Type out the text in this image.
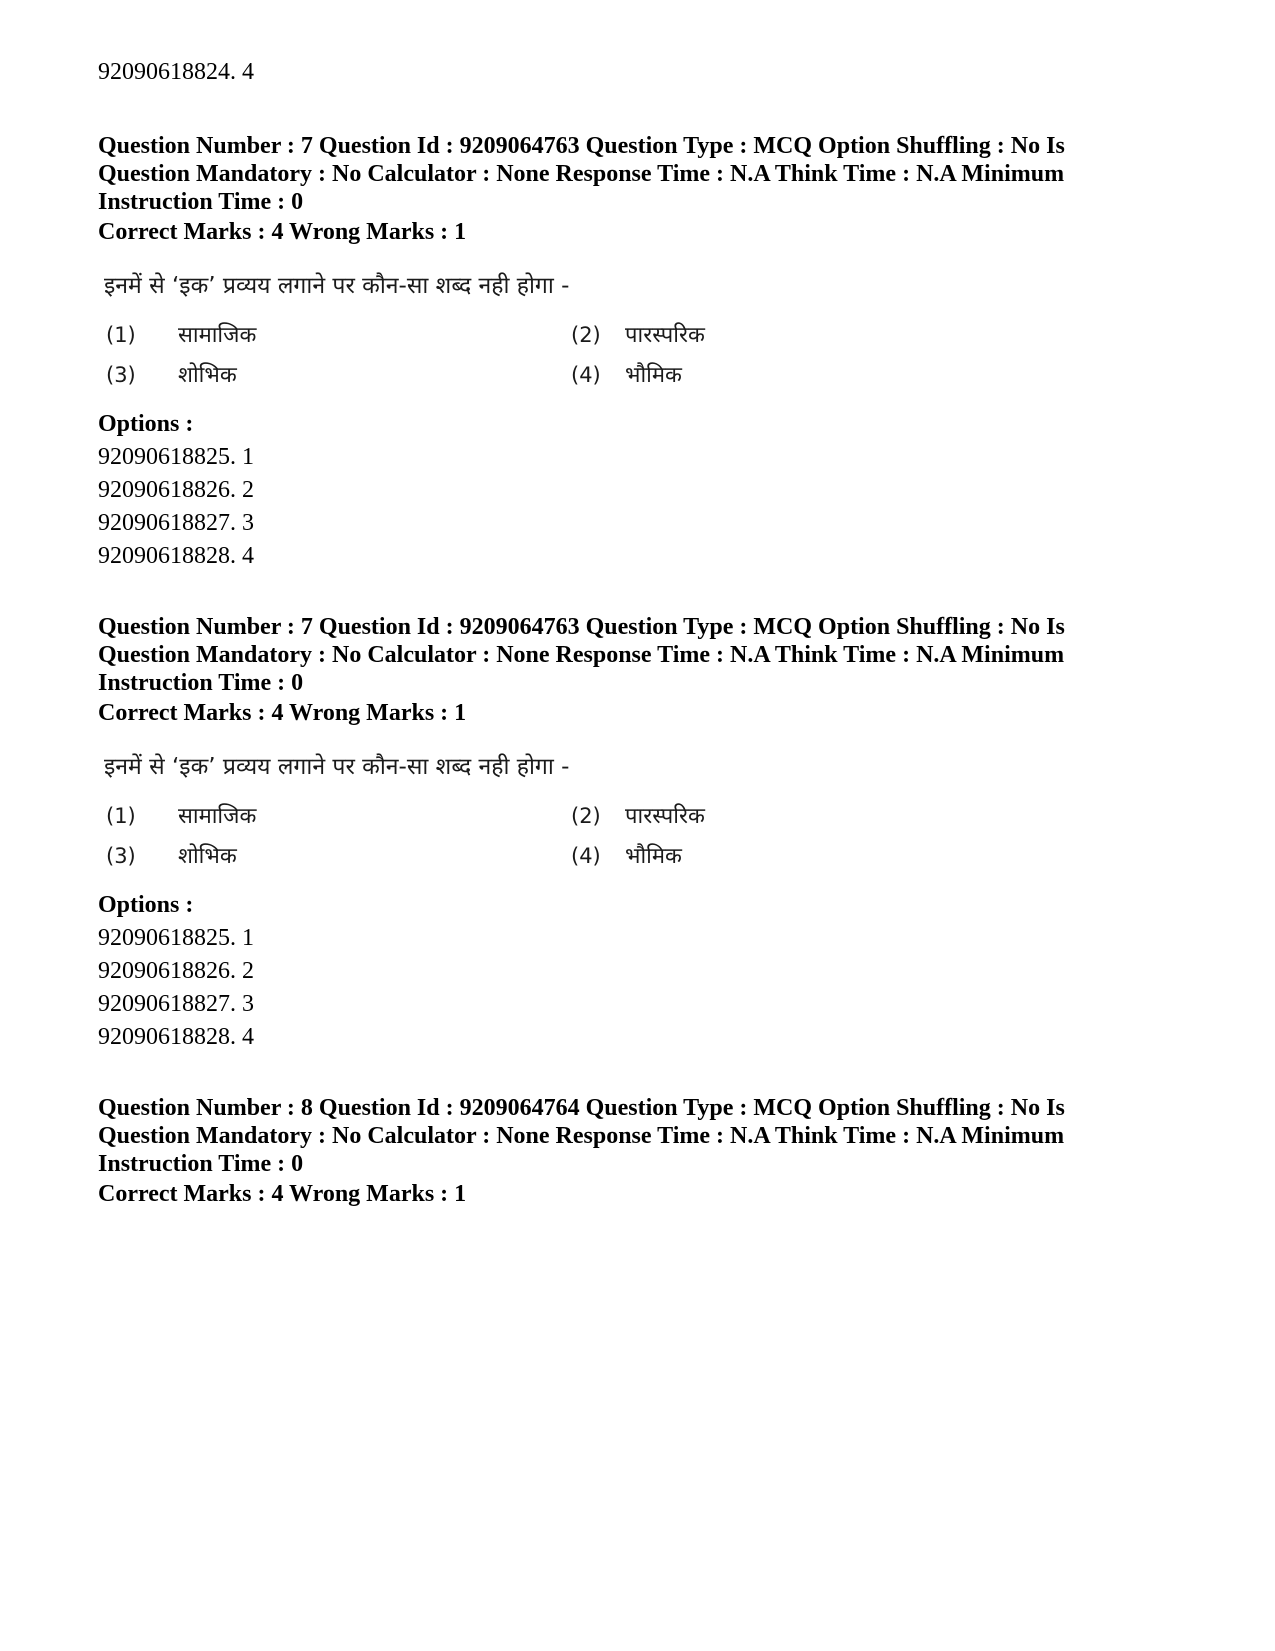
92090618824. 4
Question Number : 7 Question Id : 9209064763 Question Type : MCQ Option Shuffling : No Is
Question Mandatory : No Calculator : None Response Time : N.A Think Time : N.A Minimum
Instruction Time : 0
Correct Marks : 4 Wrong Marks : 1
इनमें से ‘इक’ प्रव्यय लगाने पर कौन-सा शब्द नही होगा -
(1) सामाजिक	(2) पारस्परिक
(3) शोभिक	(4) भौमिक
Options :
92090618825. 1
92090618826. 2
92090618827. 3
92090618828. 4
Question Number : 7 Question Id : 9209064763 Question Type : MCQ Option Shuffling : No Is
Question Mandatory : No Calculator : None Response Time : N.A Think Time : N.A Minimum
Instruction Time : 0
Correct Marks : 4 Wrong Marks : 1
इनमें से ‘इक’ प्रव्यय लगाने पर कौन-सा शब्द नही होगा -
(1) सामाजिक	(2) पारस्परिक
(3) शोभिक	(4) भौमिक
Options :
92090618825. 1
92090618826. 2
92090618827. 3
92090618828. 4
Question Number : 8 Question Id : 9209064764 Question Type : MCQ Option Shuffling : No Is
Question Mandatory : No Calculator : None Response Time : N.A Think Time : N.A Minimum
Instruction Time : 0
Correct Marks : 4 Wrong Marks : 1
